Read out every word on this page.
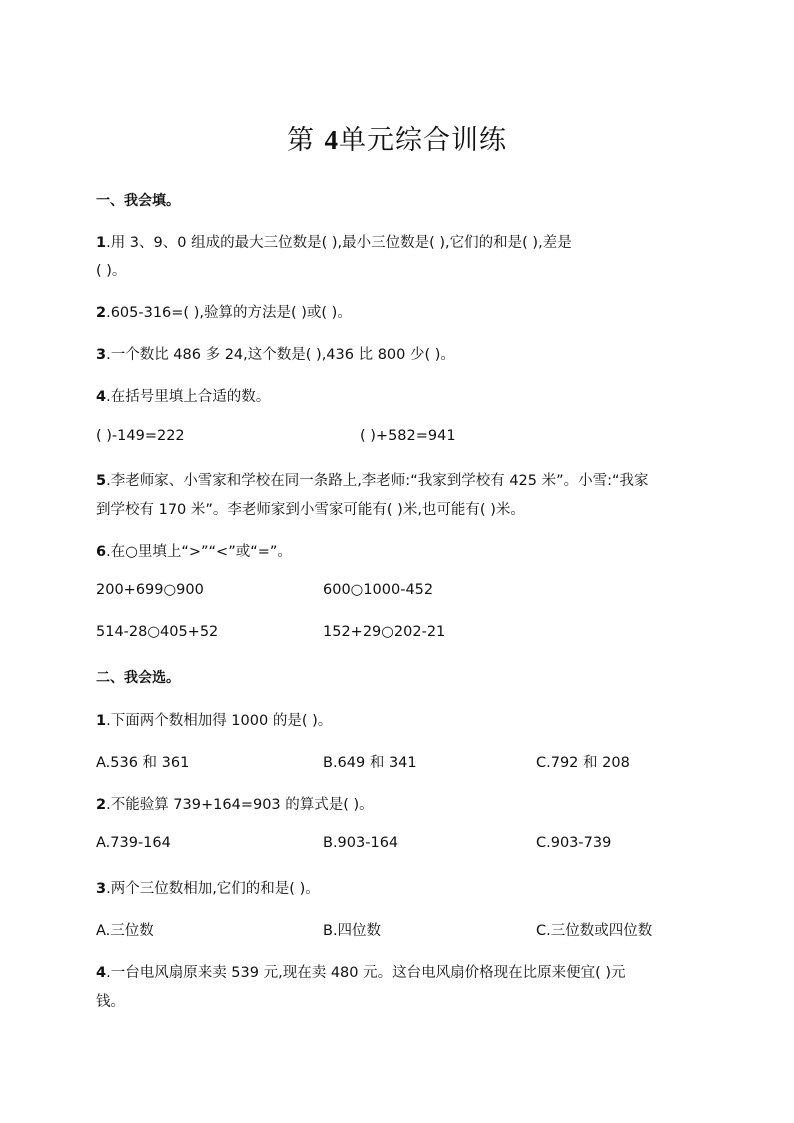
第 4单元综合训练
一、我会填。
1.用 3、9、0 组成的最大三位数是( ),最小三位数是( ),它们的和是( ),差是
( )。
2.605-316=( ),验算的方法是( )或( )。
3.一个数比 486 多 24,这个数是( ),436 比 800 少( )。
4.在括号里填上合适的数。
( )-149=222	( )+582=941
5.李老师家、小雪家和学校在同一条路上,李老师:“我家到学校有 425 米”。小雪:“我家
到学校有 170 米”。李老师家到小雪家可能有( )米,也可能有( )米。
6.在○里填上“>”“<”或“=”。
200+699○900	600○1000-452
514-28○405+52	152+29○202-21
二、我会选。
1.下面两个数相加得 1000 的是( )。
A.536 和 361	B.649 和 341	C.792 和 208
2.不能验算 739+164=903 的算式是( )。
A.739-164	B.903-164	C.903-739
3.两个三位数相加,它们的和是( )。
A.三位数	B.四位数	C.三位数或四位数
4.一台电风扇原来卖 539 元,现在卖 480 元。这台电风扇价格现在比原来便宜( )元
钱。
